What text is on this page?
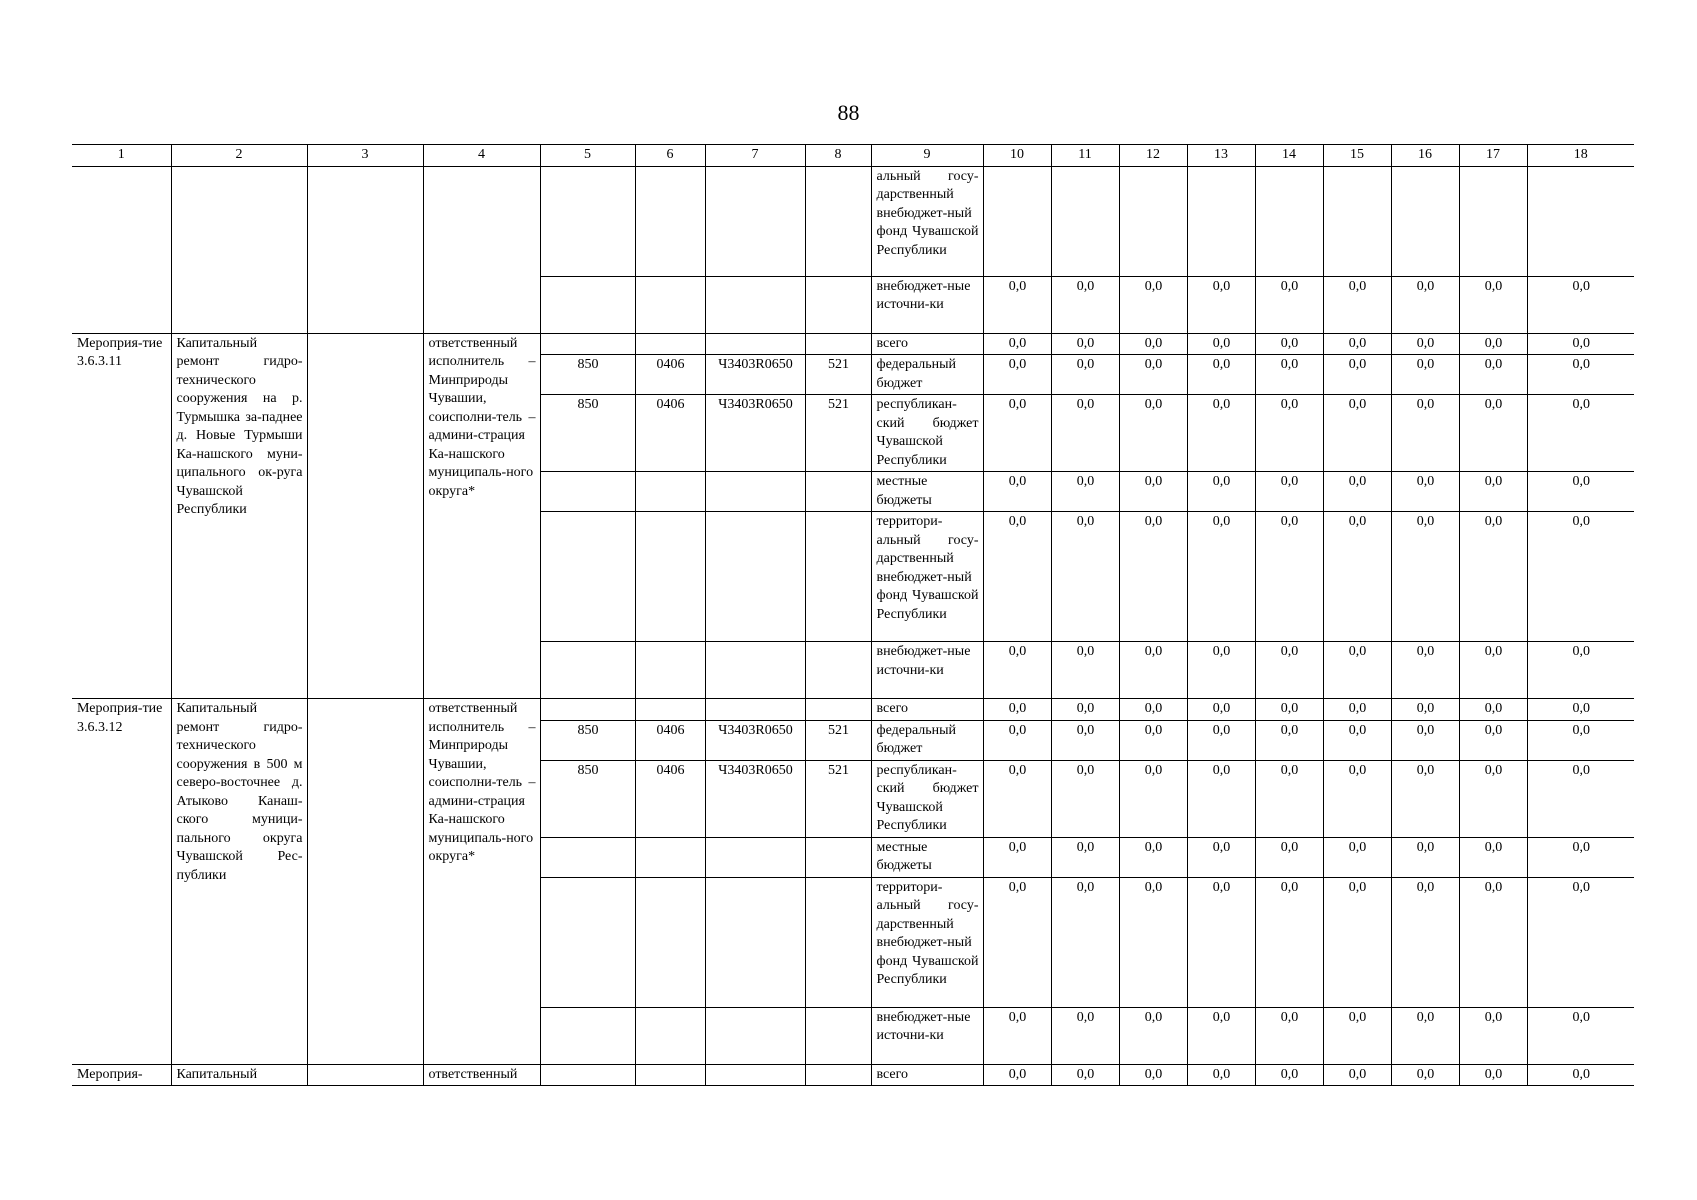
88
1	2	3	4	5	6	7	8	9	10	11	12	13	14	15	16	17	18
								альный госу-дарственный внебюджет-ный фонд Чувашской Республики									
								внебюджет-ные источни-ки	0,0	0,0	0,0	0,0	0,0	0,0	0,0	0,0	0,0
Мероприя-тие 3.6.3.11	Капитальный ремонт гидро-технического сооружения на р. Турмышка за-паднее д. Новые Турмыши Ка-нашского муни-ципального ок-руга Чувашской Республики		ответственный исполнитель – Минприроды Чувашии, соисполни-тель – админи-страция Ка-нашского муниципаль-ного округа*					всего	0,0	0,0	0,0	0,0	0,0	0,0	0,0	0,0	0,0
				850	0406	Ч3403R0650	521	федеральный бюджет	0,0	0,0	0,0	0,0	0,0	0,0	0,0	0,0	0,0
				850	0406	Ч3403R0650	521	республикан-ский бюджет Чувашской Республики	0,0	0,0	0,0	0,0	0,0	0,0	0,0	0,0	0,0
								местные бюджеты	0,0	0,0	0,0	0,0	0,0	0,0	0,0	0,0	0,0
								территори-альный госу-дарственный внебюджет-ный фонд Чувашской Республики	0,0	0,0	0,0	0,0	0,0	0,0	0,0	0,0	0,0
								внебюджет-ные источни-ки	0,0	0,0	0,0	0,0	0,0	0,0	0,0	0,0	0,0
Мероприя-тие 3.6.3.12	Капитальный ремонт гидро-технического сооружения в 500 м северо-восточнее д. Атыково Канаш-ского муници-пального округа Чувашской Рес-публики		ответственный исполнитель – Минприроды Чувашии, соисполни-тель – админи-страция Ка-нашского муниципаль-ного округа*					всего	0,0	0,0	0,0	0,0	0,0	0,0	0,0	0,0	0,0
				850	0406	Ч3403R0650	521	федеральный бюджет	0,0	0,0	0,0	0,0	0,0	0,0	0,0	0,0	0,0
				850	0406	Ч3403R0650	521	республикан-ский бюджет Чувашской Республики	0,0	0,0	0,0	0,0	0,0	0,0	0,0	0,0	0,0
								местные бюджеты	0,0	0,0	0,0	0,0	0,0	0,0	0,0	0,0	0,0
								территори-альный госу-дарственный внебюджет-ный фонд Чувашской Республики	0,0	0,0	0,0	0,0	0,0	0,0	0,0	0,0	0,0
								внебюджет-ные источни-ки	0,0	0,0	0,0	0,0	0,0	0,0	0,0	0,0	0,0
Мероприя-	Капитальный		ответственный					всего	0,0	0,0	0,0	0,0	0,0	0,0	0,0	0,0	0,0
